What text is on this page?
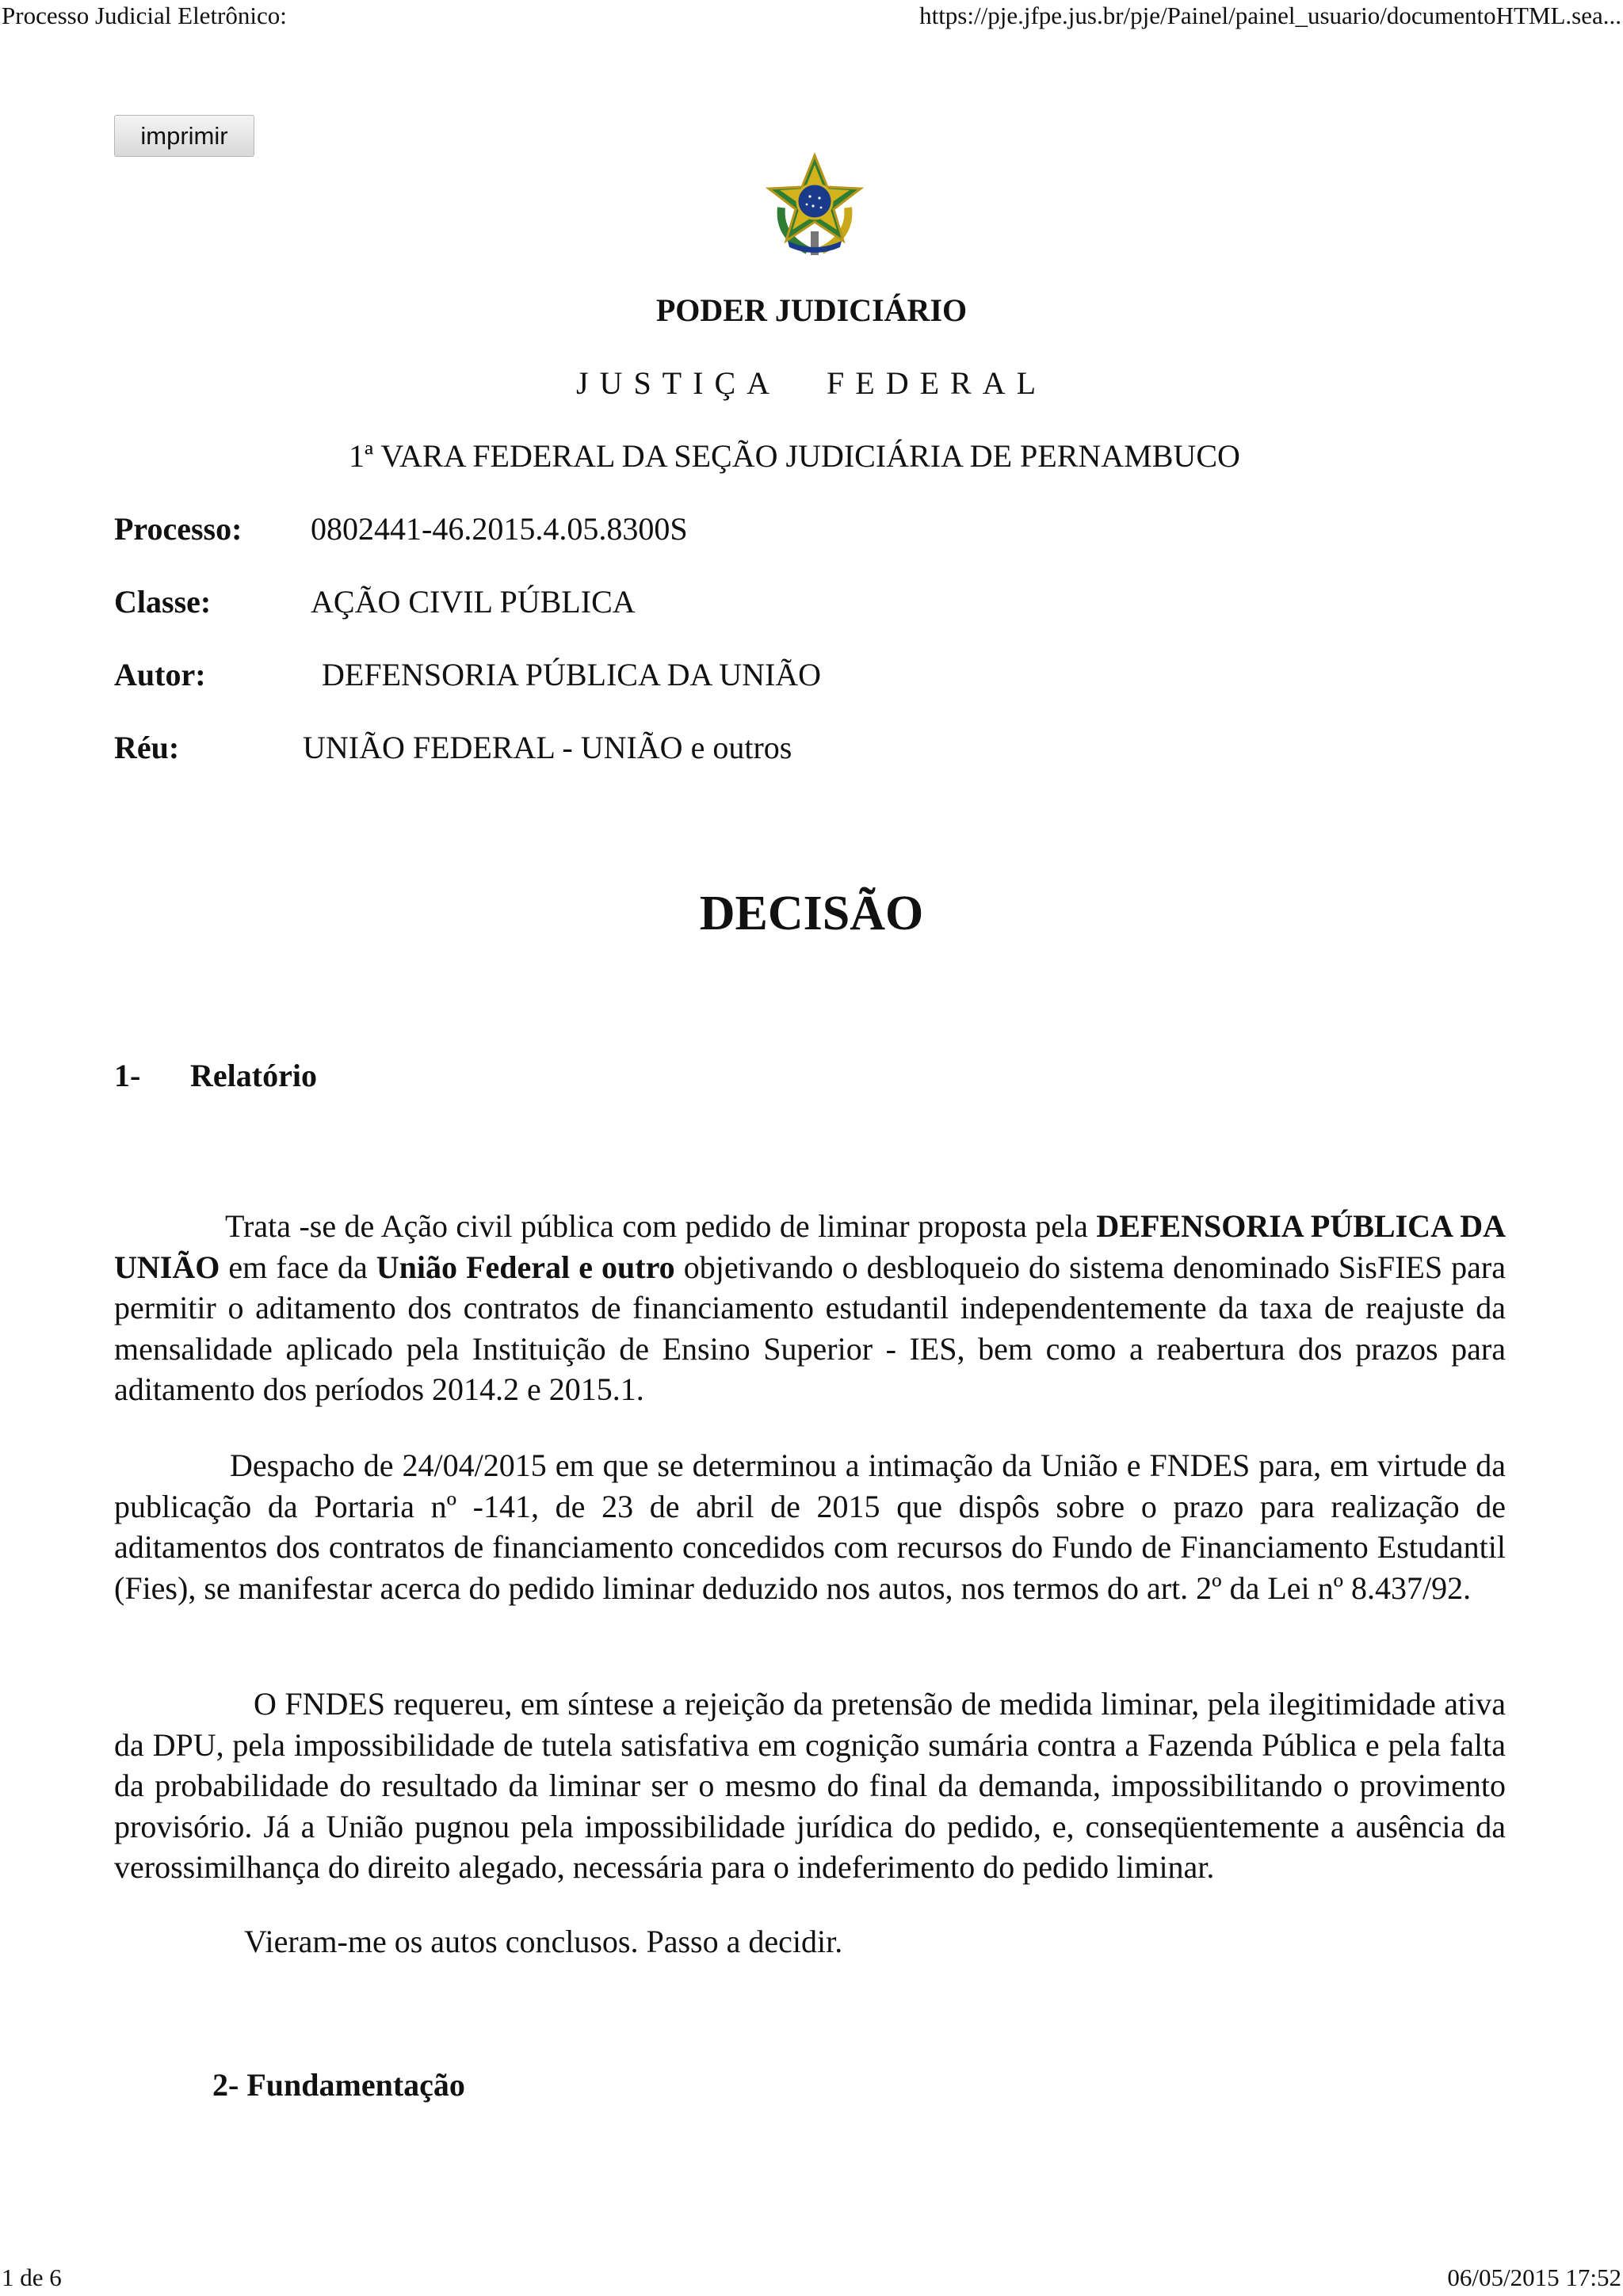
Processo Judicial Eletrônico:	https://pje.jfpe.jus.br/pje/Painel/painel_usuario/documentoHTML.sea...
imprimir
PODER JUDICIÁRIO
JUSTIÇA FEDERAL
1ª VARA FEDERAL DA SEÇÃO JUDICIÁRIA DE PERNAMBUCO
Processo: 0802441-46.2015.4.05.8300S
Classe:	AÇÃO CIVIL PÚBLICA
Autor:	DEFENSORIA PÚBLICA DA UNIÃO
Réu:	UNIÃO FEDERAL - UNIÃO e outros
DECISÃO
1- Relatório

Trata -se de Ação civil pública com pedido de liminar proposta pela DEFENSORIA PÚBLICA DA UNIÃO em face da União Federal e outro objetivando o desbloqueio do sistema denominado SisFIES para permitir o aditamento dos contratos de financiamento estudantil independentemente da taxa de reajuste da mensalidade aplicado pela Instituição de Ensino Superior - IES, bem como a reabertura dos prazos para aditamento dos períodos 2014.2 e 2015.1.

Despacho de 24/04/2015 em que se determinou a intimação da União e FNDES para, em virtude da publicação da Portaria nº -141, de 23 de abril de 2015 que dispôs sobre o prazo para realização de aditamentos dos contratos de financiamento concedidos com recursos do Fundo de Financiamento Estudantil (Fies), se manifestar acerca do pedido liminar deduzido nos autos, nos termos do art. 2º da Lei nº 8.437/92.

O FNDES requereu, em síntese a rejeição da pretensão de medida liminar, pela ilegitimidade ativa da DPU, pela impossibilidade de tutela satisfativa em cognição sumária contra a Fazenda Pública e pela falta da probabilidade do resultado da liminar ser o mesmo do final da demanda, impossibilitando o provimento provisório. Já a União pugnou pela impossibilidade jurídica do pedido, e, conseqüentemente a ausência da verossimilhança do direito alegado, necessária para o indeferimento do pedido liminar.

Vieram-me os autos conclusos. Passo a decidir.

2- Fundamentação
1 de 6	06/05/2015 17:52
